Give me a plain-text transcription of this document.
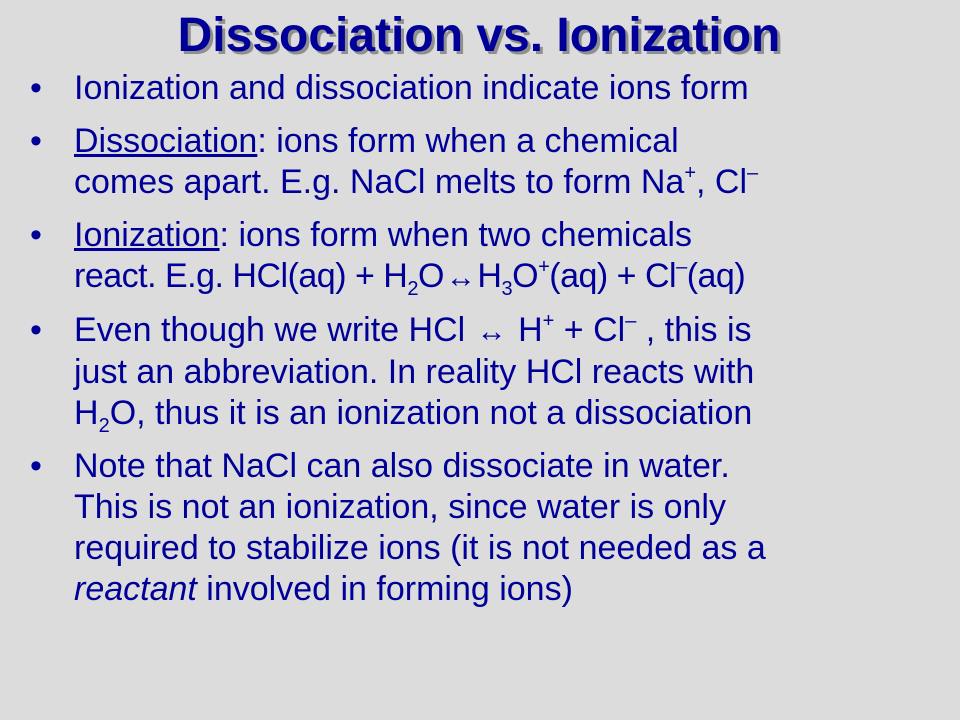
Dissociation vs. Ionization
• Ionization and dissociation indicate ions form
• Dissociation: ions form when a chemical
comes apart. E.g. NaCl melts to form Na+, Cl–
• Ionization: ions form when two chemicals
react. E.g. $HCl(aq) + H_2O\leftrightarrow H_3O^+(aq) + Cl^-(aq)$
• Even though we write HCl ↔ H+ + Cl– , this is
just an abbreviation. In reality HCl reacts with
$H_2O$, thus it is an ionization not a dissociation
• Note that NaCl can also dissociate in water.
This is not an ionization, since water is only
required to stabilize ions (it is not needed as a
reactant involved in forming ions)
